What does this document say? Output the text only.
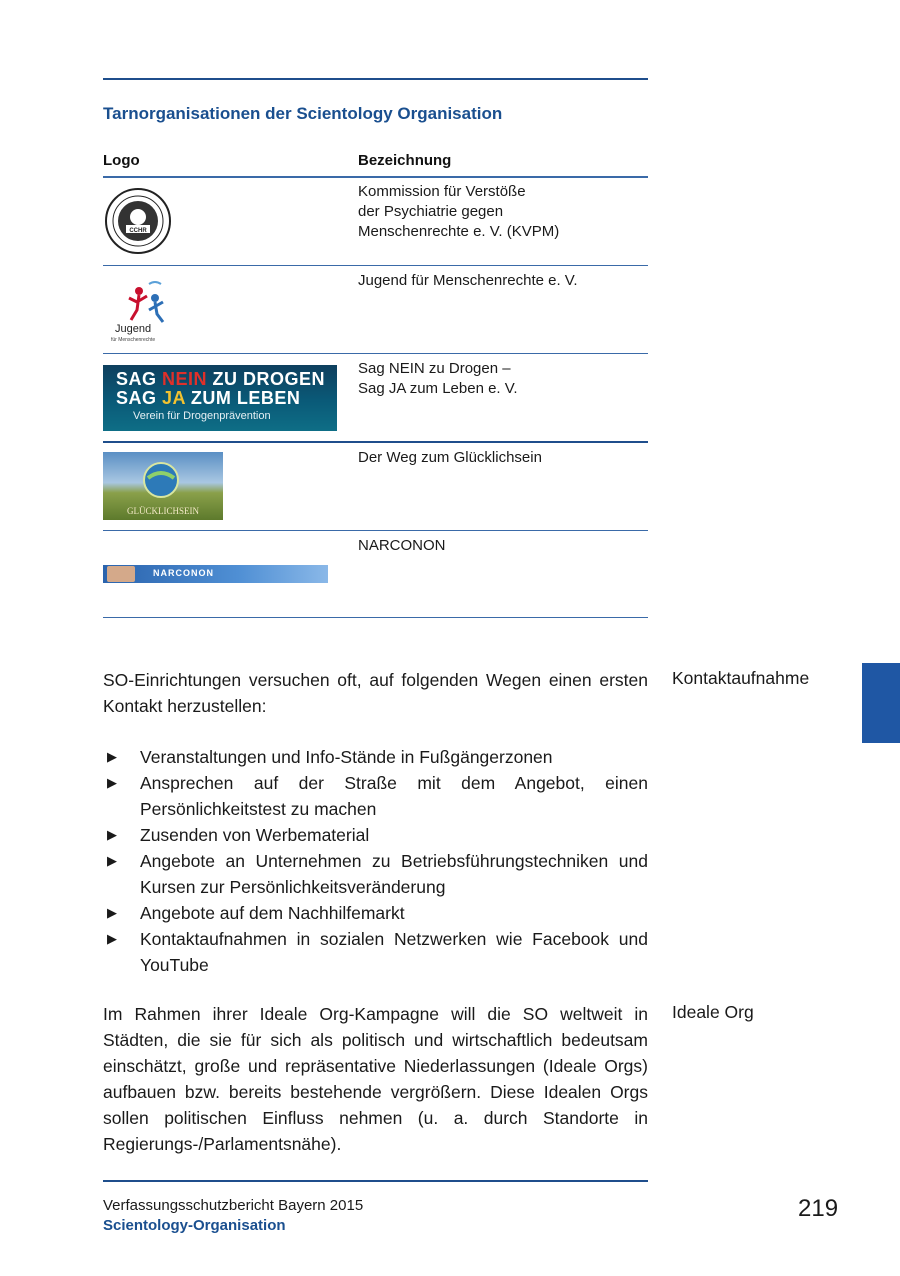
Tarnorganisationen der Scientology Organisation
Logo	Bezeichnung
CCHR
Kommission für Verstöße
der Psychiatrie gegen
Menschenrechte e. V. (KVPM)
Jugend
für Menschenrechte
Jugend für Menschenrechte e. V.
SAG NEIN ZU DROGEN
SAG JA ZUM LEBEN
Verein für Drogenprävention
Sag NEIN zu Drogen –
Sag JA zum Leben e. V.
GLÜCKLICHSEIN
Der Weg zum Glücklichsein
NARCONON
NARCONON
Kontaktaufnahme
SO-Einrichtungen versuchen oft, auf folgenden Wegen einen ersten Kontakt herzustellen:
▶ Veranstaltungen und Info-Stände in Fußgängerzonen
▶ Ansprechen auf der Straße mit dem Angebot, einen Persönlichkeitstest zu machen
▶ Zusenden von Werbematerial
▶ Angebote an Unternehmen zu Betriebsführungstechniken und Kursen zur Persönlichkeitsveränderung
▶ Angebote auf dem Nachhilfemarkt
▶ Kontaktaufnahmen in sozialen Netzwerken wie Facebook und YouTube
Ideale Org
Im Rahmen ihrer Ideale Org-Kampagne will die SO weltweit in Städten, die sie für sich als politisch und wirtschaftlich bedeutsam einschätzt, große und repräsentative Niederlassungen (Ideale Orgs) aufbauen bzw. bereits bestehende vergrößern. Diese Idealen Orgs sollen politischen Einfluss nehmen (u. a. durch Standorte in Regierungs-/Parlamentsnähe).
Verfassungsschutzbericht Bayern 2015
Scientology-Organisation
219
